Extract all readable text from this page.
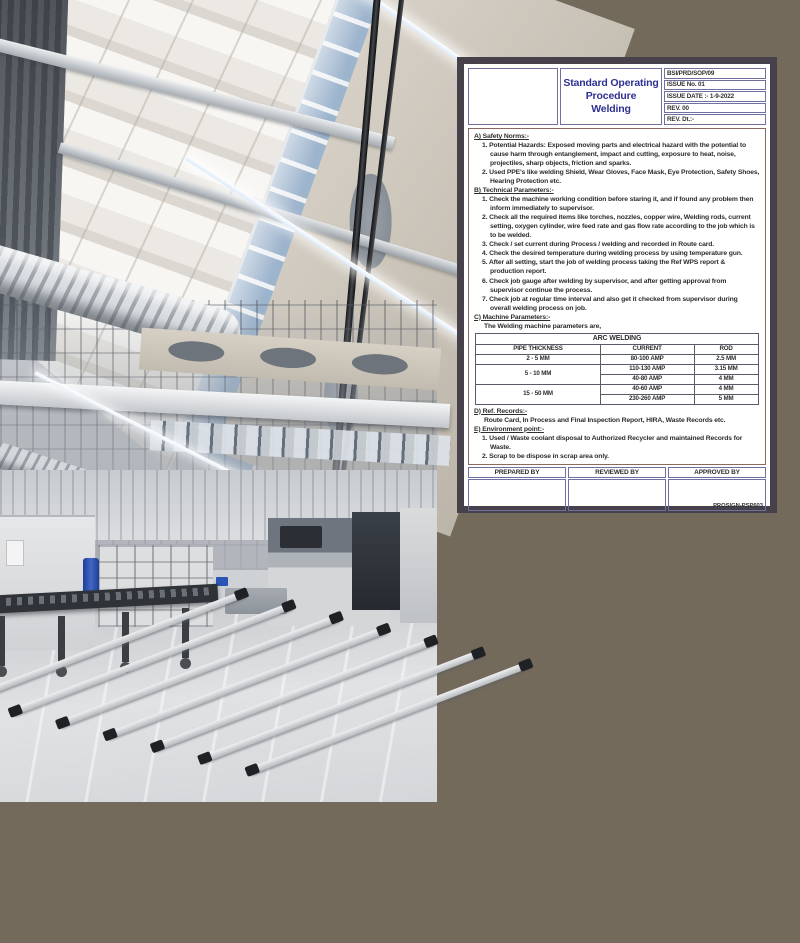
Standard Operating
Procedure
Welding
BSI/PRD/SOP/09
ISSUE No. 01
ISSUE DATE :- 1-9-2022
REV. 00
REV. Dt.:-
A) Safety Norms:-
1. Potential Hazards: Exposed moving parts and electrical hazard with the potential to cause harm through entanglement, impact and cutting, exposure to heat, noise, projectiles, sharp objects, friction and sparks.
2. Used PPE's like welding Shield, Wear Gloves, Face Mask, Eye Protection, Safety Shoes, Hearing Protection etc.
B) Technical Parameters:-
1. Check the machine working condition before staring it, and if found any problem then inform immediately to supervisor.
2. Check all the required items like torches, nozzles, copper wire, Welding rods, current setting, oxygen cylinder, wire feed rate and gas flow rate according to the job which is to be welded.
3. Check / set current during Process / welding and recorded in Route card.
4. Check the desired temperature during welding process by using temperature gun.
5. After all setting, start the job of welding process taking the Ref WPS report & production report.
6. Check job gauge after welding by supervisor, and after getting approval from supervisor continue the process.
7. Check job at regular time interval and also get it checked from supervisor during overall welding process on job.
C) Machine Parameters:-
The Welding machine parameters are,
ARC WELDING		
PIPE THICKNESS	CURRENT	ROD
2 - 5 MM	80-100 AMP	2.5 MM
5 - 10 MM	110-130 AMP	3.15 MM
	40-80 AMP	4 MM
15 - 50 MM	40-60 AMP	4 MM
	230-260 AMP	5 MM
D) Ref. Records:-
Route Card, In Process and Final Inspection Report, HIRA, Waste Records etc.
E) Environment point:-
1. Used / Waste coolant disposal to Authorized Recycler and maintained Records for Waste.
2. Scrap to be dispose in scrap area only.
PREPARED BY	REVIEWED BY	APPROVED BY
PROSIGN-PSP603
